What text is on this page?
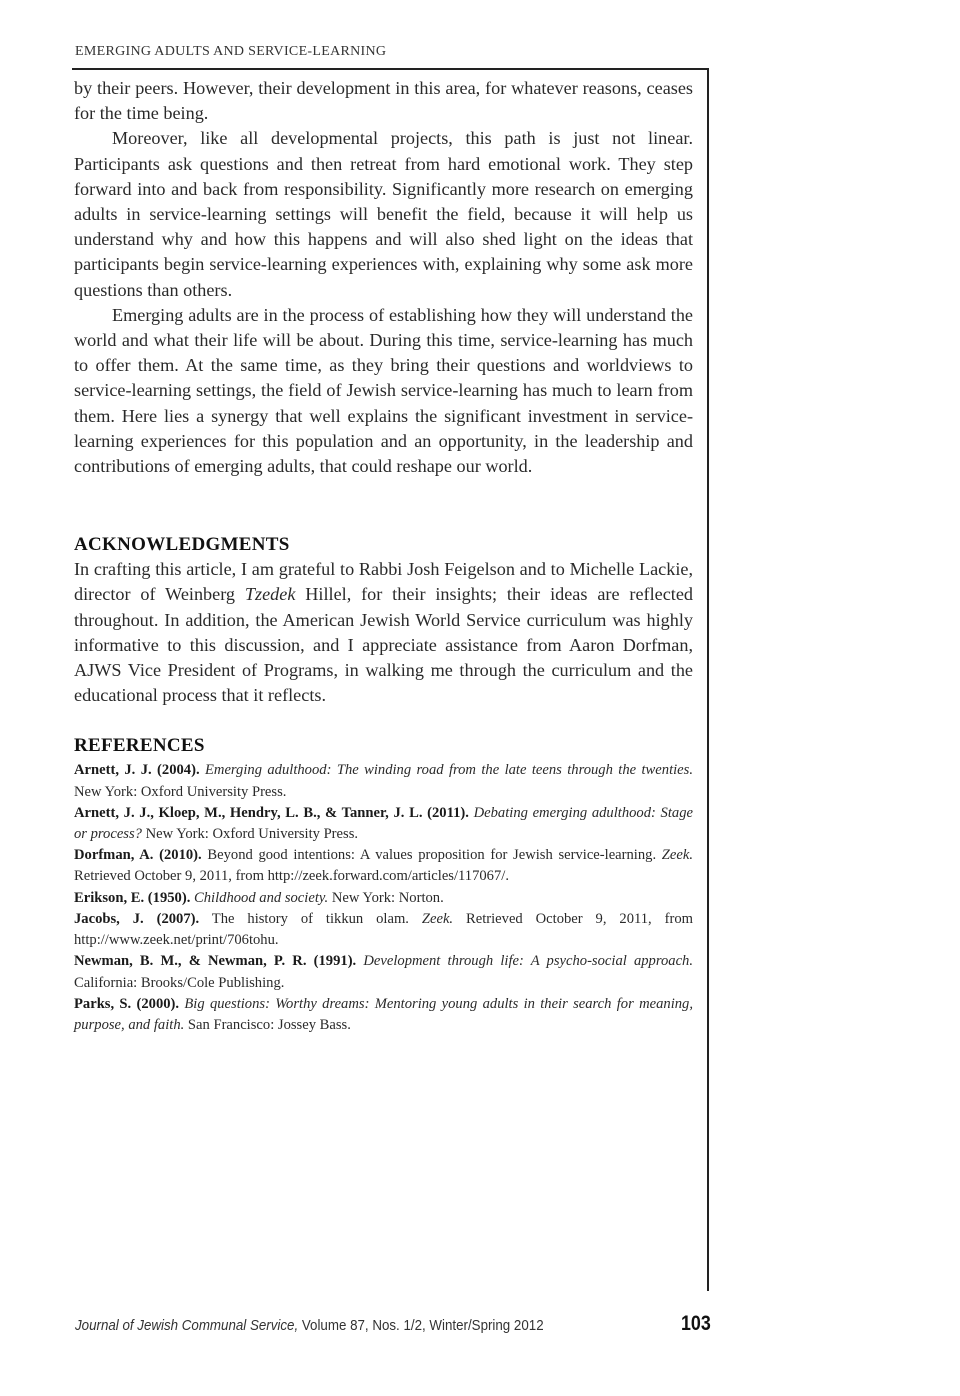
EMERGING ADULTS AND SERVICE-LEARNING

by their peers. However, their development in this area, for whatever reasons, ceases for the time being.

Moreover, like all developmental projects, this path is just not linear. Participants ask questions and then retreat from hard emotional work. They step forward into and back from responsibility. Significantly more research on emerging adults in service-learning settings will benefit the field, because it will help us understand why and how this happens and will also shed light on the ideas that participants begin service-learning experiences with, explaining why some ask more questions than others.

Emerging adults are in the process of establishing how they will understand the world and what their life will be about. During this time, service-learning has much to offer them. At the same time, as they bring their questions and worldviews to service-learning settings, the field of Jewish service-learning has much to learn from them. Here lies a synergy that well explains the significant investment in service-learning experiences for this population and an opportunity, in the leadership and contributions of emerging adults, that could reshape our world.

ACKNOWLEDGMENTS

In crafting this article, I am grateful to Rabbi Josh Feigelson and to Michelle Lackie, director of Weinberg Tzedek Hillel, for their insights; their ideas are reflected throughout. In addition, the American Jewish World Service curriculum was highly informative to this discussion, and I appreciate assistance from Aaron Dorfman, AJWS Vice President of Programs, in walking me through the curriculum and the educational process that it reflects.

REFERENCES

Arnett, J. J. (2004). Emerging adulthood: The winding road from the late teens through the twenties. New York: Oxford University Press.

Arnett, J. J., Kloep, M., Hendry, L. B., & Tanner, J. L. (2011). Debating emerging adulthood: Stage or process? New York: Oxford University Press.

Dorfman, A. (2010). Beyond good intentions: A values proposition for Jewish service-learning. Zeek. Retrieved October 9, 2011, from http://zeek.forward.com/articles/117067/.

Erikson, E. (1950). Childhood and society. New York: Norton.

Jacobs, J. (2007). The history of tikkun olam. Zeek. Retrieved October 9, 2011, from http://www.zeek.net/print/706tohu.

Newman, B. M., & Newman, P. R. (1991). Development through life: A psycho-social approach. California: Brooks/Cole Publishing.

Parks, S. (2000). Big questions: Worthy dreams: Mentoring young adults in their search for meaning, purpose, and faith. San Francisco: Jossey Bass.

Journal of Jewish Communal Service, Volume 87, Nos. 1/2, Winter/Spring 2012	103
